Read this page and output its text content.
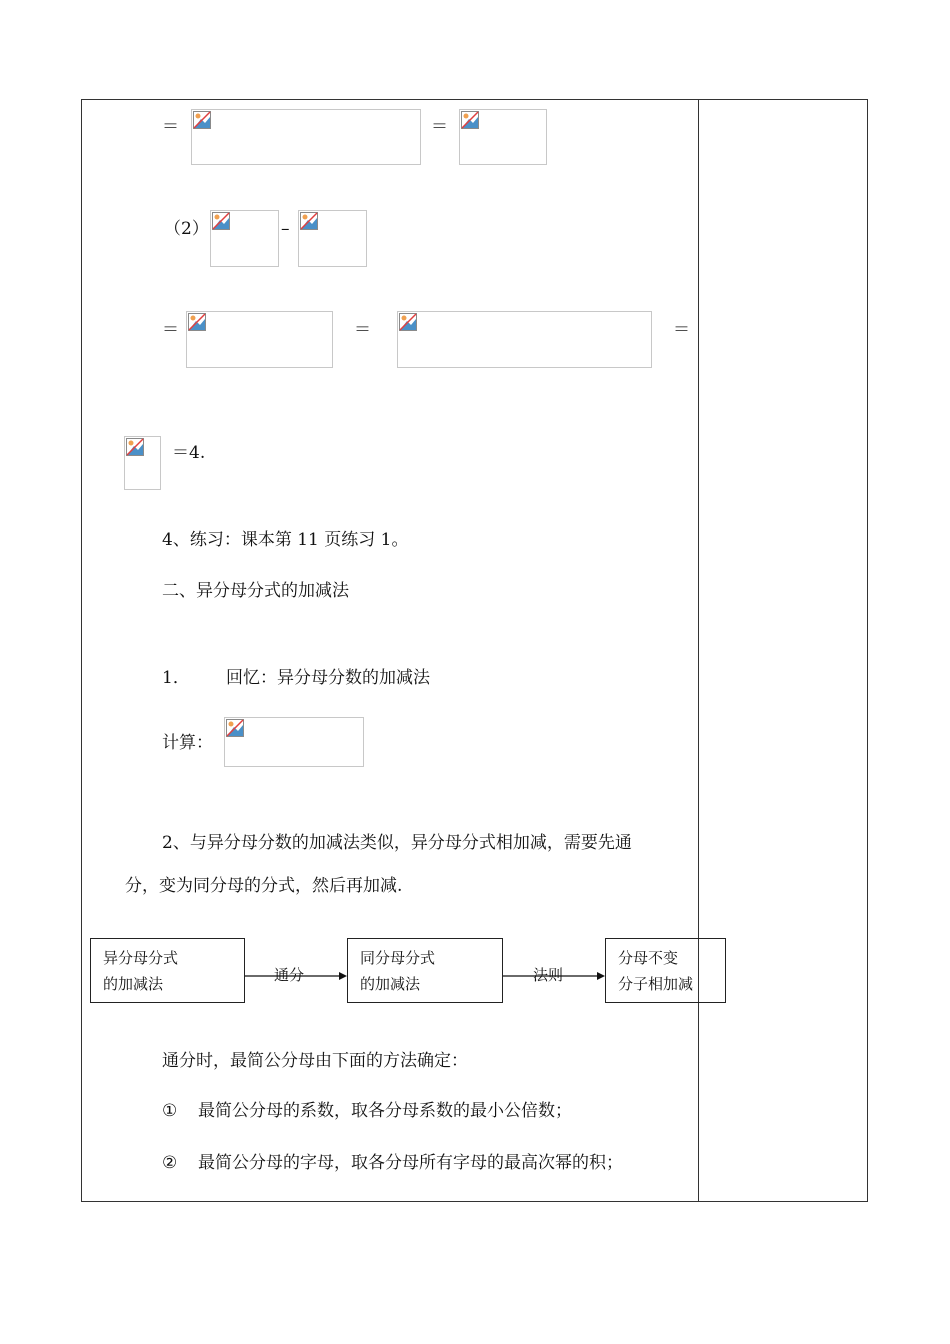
＝	＝
（2）	–
＝	＝	＝
＝4.
4、练习：课本第 11 页练习 1。
二、异分母分式的加减法
1． 回忆：异分母分数的加减法
计算：
2、与异分母分数的加减法类似，异分母分式相加减，需要先通
分，变为同分母的分式，然后再加减.
异分母分式
的加减法	通分
同分母分式
的加减法	法则
分母不变
分子相加减
通分时，最简公分母由下面的方法确定：
① 最简公分母的系数，取各分母系数的最小公倍数；
② 最简公分母的字母，取各分母所有字母的最高次幂的积；
